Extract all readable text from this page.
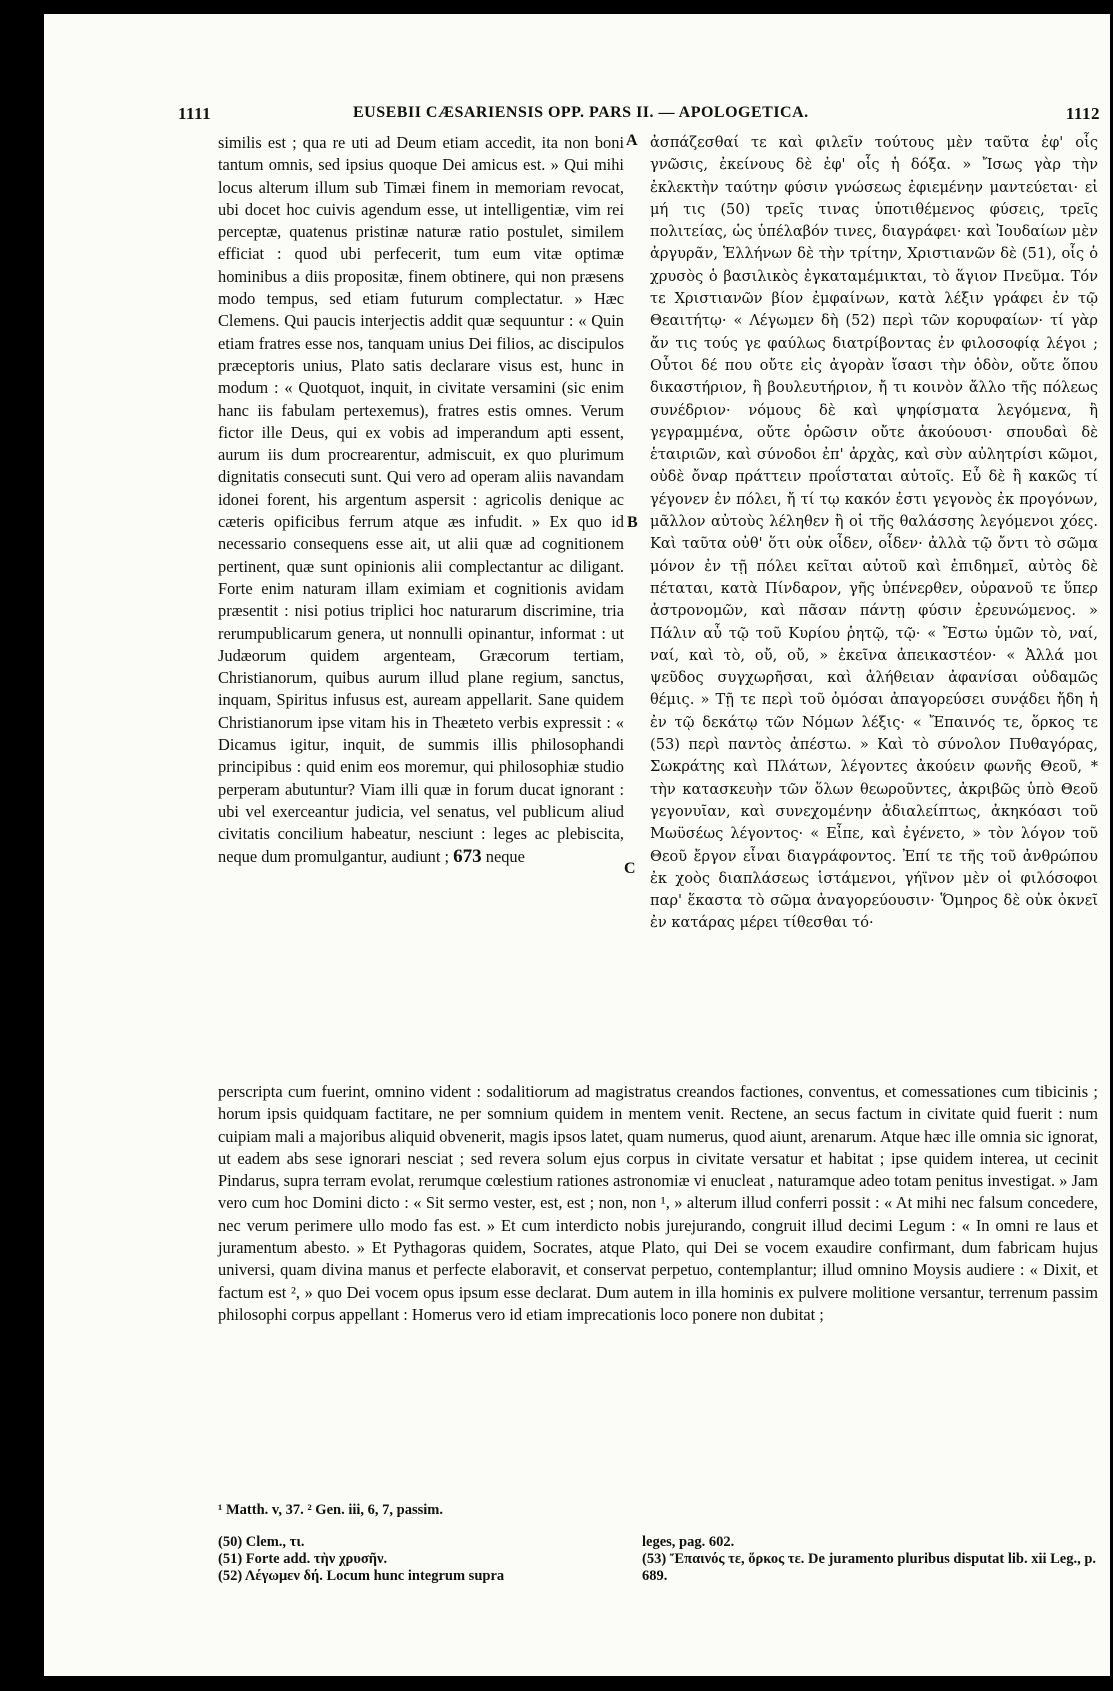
1111	EUSEBII CÆSARIENSIS OPP. PARS II. — APOLOGETICA.	1112
A
B
C

similis est ; qua re uti ad Deum etiam accedit, ita non boni tantum omnis, sed ipsius quoque Dei amicus est. » Qui mihi locus alterum illum sub Timæi finem in memoriam revocat, ubi docet hoc cuivis agendum esse, ut intelligentiæ, vim rei perceptæ, quatenus pristinæ naturæ ratio postulet, similem efficiat : quod ubi perfecerit, tum eum vitæ optimæ hominibus a diis propositæ, finem obtinere, qui non præsens modo tempus, sed etiam futurum complectatur. » Hæc Clemens. Qui paucis interjectis addit quæ sequuntur : « Quin etiam fratres esse nos, tanquam unius Dei filios, ac discipulos præceptoris unius, Plato satis declarare visus est, hunc in modum : « Quotquot, inquit, in civitate versamini (sic enim hanc iis fabulam pertexemus), fratres estis omnes. Verum fictor ille Deus, qui ex vobis ad imperandum apti essent, aurum iis dum procrearentur, admiscuit, ex quo plurimum dignitatis consecuti sunt. Qui vero ad operam aliis navandam idonei forent, his argentum aspersit : agricolis denique ac cæteris opificibus ferrum atque æs infudit. » Ex quo id necessario consequens esse ait, ut alii quæ ad cognitionem pertinent, quæ sunt opinionis alii complectantur ac diligant. Forte enim naturam illam eximiam et cognitionis avidam præsentit : nisi potius triplici hoc naturarum discrimine, tria rerumpublicarum genera, ut nonnulli opinantur, informat : ut Judæorum quidem argenteam, Græcorum tertiam, Christianorum, quibus aurum illud plane regium, sanctus, inquam, Spiritus infusus est, auream appellarit. Sane quidem Christianorum ipse vitam his in Theæteto verbis expressit : « Dicamus igitur, inquit, de summis illis philosophandi principibus : quid enim eos moremur, qui philosophiæ studio perperam abutuntur? Viam illi quæ in forum ducat ignorant : ubi vel exerceantur judicia, vel senatus, vel publicum aliud civitatis concilium habeatur, nesciunt : leges ac plebiscita, neque dum promulgantur, audiunt ; 673 neque

ἀσπάζεσθαί τε καὶ φιλεῖν τούτους μὲν ταῦτα ἐφ' οἷς γνῶσις, ἐκείνους δὲ ἐφ' οἷς ἡ δόξα. » Ἴσως γὰρ τὴν ἐκλεκτὴν ταύτην φύσιν γνώσεως ἐφιεμένην μαντεύεται· εἰ μή τις (50) τρεῖς τινας ὑποτιθέμενος φύσεις, τρεῖς πολιτείας, ὡς ὑπέλαβόν τινες, διαγράφει· καὶ Ἰουδαίων μὲν ἀργυρᾶν, Ἑλλήνων δὲ τὴν τρίτην, Χριστιανῶν δὲ (51), οἷς ὁ χρυσὸς ὁ βασιλικὸς ἐγκαταμέμικται, τὸ ἅγιον Πνεῦμα. Τόν τε Χριστιανῶν βίον ἐμφαίνων, κατὰ λέξιν γράφει ἐν τῷ Θεαιτήτῳ· « Λέγωμεν δὴ (52) περὶ τῶν κορυφαίων· τί γὰρ ἄν τις τούς γε φαύλως διατρίβοντας ἐν φιλοσοφίᾳ λέγοι ; Οὗτοι δέ που οὔτε εἰς ἀγορὰν ἴσασι τὴν ὁδὸν, οὔτε ὅπου δικαστήριον, ἢ βουλευτήριον, ἤ τι κοινὸν ἄλλο τῆς πόλεως συνέδριον· νόμους δὲ καὶ ψηφίσματα λεγόμενα, ἢ γεγραμμένα, οὔτε ὁρῶσιν οὔτε ἀκούουσι· σπουδαὶ δὲ ἑταιριῶν, καὶ σύνοδοι ἐπ' ἀρχὰς, καὶ σὺν αὐλητρίσι κῶμοι, οὐδὲ ὄναρ πράττειν προΐσταται αὐτοῖς. Εὖ δὲ ἢ κακῶς τί γέγονεν ἐν πόλει, ἤ τί τῳ κακόν ἐστι γεγονὸς ἐκ προγόνων, μᾶλλον αὐτοὺς λέληθεν ἢ οἱ τῆς θαλάσσης λεγόμενοι χόες. Καὶ ταῦτα οὐθ' ὅτι οὐκ οἶδεν, οἶδεν· ἀλλὰ τῷ ὄντι τὸ σῶμα μόνον ἐν τῇ πόλει κεῖται αὐτοῦ καὶ ἐπιδημεῖ, αὐτὸς δὲ πέταται, κατὰ Πίνδαρον, γῆς ὑπένερθεν, οὐρανοῦ τε ὕπερ ἀστρονομῶν, καὶ πᾶσαν πάντῃ φύσιν ἐρευνώμενος. » Πάλιν αὖ τῷ τοῦ Κυρίου ῥητῷ, τῷ· « Ἔστω ὑμῶν τὸ, ναί, ναί, καὶ τὸ, οὔ, οὔ, » ἐκεῖνα ἀπεικαστέον· « Ἀλλά μοι ψεῦδος συγχωρῆσαι, καὶ ἀλήθειαν ἀφανίσαι οὐδαμῶς θέμις. » Τῇ τε περὶ τοῦ ὀμόσαι ἀπαγορεύσει συνᾴδει ἤδη ἡ ἐν τῷ δεκάτῳ τῶν Νόμων λέξις· « Ἔπαινός τε, ὅρκος τε (53) περὶ παντὸς ἀπέστω. » Καὶ τὸ σύνολον Πυθαγόρας, Σωκράτης καὶ Πλάτων, λέγοντες ἀκούειν φωνῆς Θεοῦ, * τὴν κατασκευὴν τῶν ὅλων θεωροῦντες, ἀκριβῶς ὑπὸ Θεοῦ γεγονυῖαν, καὶ συνεχομένην ἀδιαλείπτως, ἀκηκόασι τοῦ Μωϋσέως λέγοντος· « Εἶπε, καὶ ἐγένετο, » τὸν λόγον τοῦ Θεοῦ ἔργον εἶναι διαγράφοντος. Ἐπί τε τῆς τοῦ ἀνθρώπου ἐκ χοὸς διαπλάσεως ἱστάμενοι, γήϊνον μὲν οἱ φιλόσοφοι παρ' ἕκαστα τὸ σῶμα ἀναγορεύουσιν· Ὅμηρος δὲ οὐκ ὀκνεῖ ἐν κατάρας μέρει τίθεσθαι τό·

perscripta cum fuerint, omnino vident : sodalitiorum ad magistratus creandos factiones, conventus, et comessationes cum tibicinis ; horum ipsis quidquam factitare, ne per somnium quidem in mentem venit. Rectene, an secus factum in civitate quid fuerit : num cuipiam mali a majoribus aliquid obvenerit, magis ipsos latet, quam numerus, quod aiunt, arenarum. Atque hæc ille omnia sic ignorat, ut eadem abs sese ignorari nesciat ; sed revera solum ejus corpus in civitate versatur et habitat ; ipse quidem interea, ut cecinit Pindarus, supra terram evolat, rerumque cœlestium rationes astronomiæ vi enucleat , naturamque adeo totam penitus investigat. » Jam vero cum hoc Domini dicto : « Sit sermo vester, est, est ; non, non ¹, » alterum illud conferri possit : « At mihi nec falsum concedere, nec verum perimere ullo modo fas est. » Et cum interdicto nobis jurejurando, congruit illud decimi Legum : « In omni re laus et juramentum abesto. » Et Pythagoras quidem, Socrates, atque Plato, qui Dei se vocem exaudire confirmant, dum fabricam hujus universi, quam divina manus et perfecte elaboravit, et conservat perpetuo, contemplantur; illud omnino Moysis audiere : « Dixit, et factum est ², » quo Dei vocem opus ipsum esse declarat. Dum autem in illa hominis ex pulvere molitione versantur, terrenum passim philosophi corpus appellant : Homerus vero id etiam imprecationis loco ponere non dubitat ;

¹ Matth. v, 37. ² Gen. iii, 6, 7, passim.

(50) Clem., τι.

(51) Forte add. τὴν χρυσῆν.

(52) Λέγωμεν δή. Locum hunc integrum supra

leges, pag. 602.

(53) Ἔπαινός τε, ὅρκος τε. De juramento pluribus disputat lib. xii Leg., p. 689.
